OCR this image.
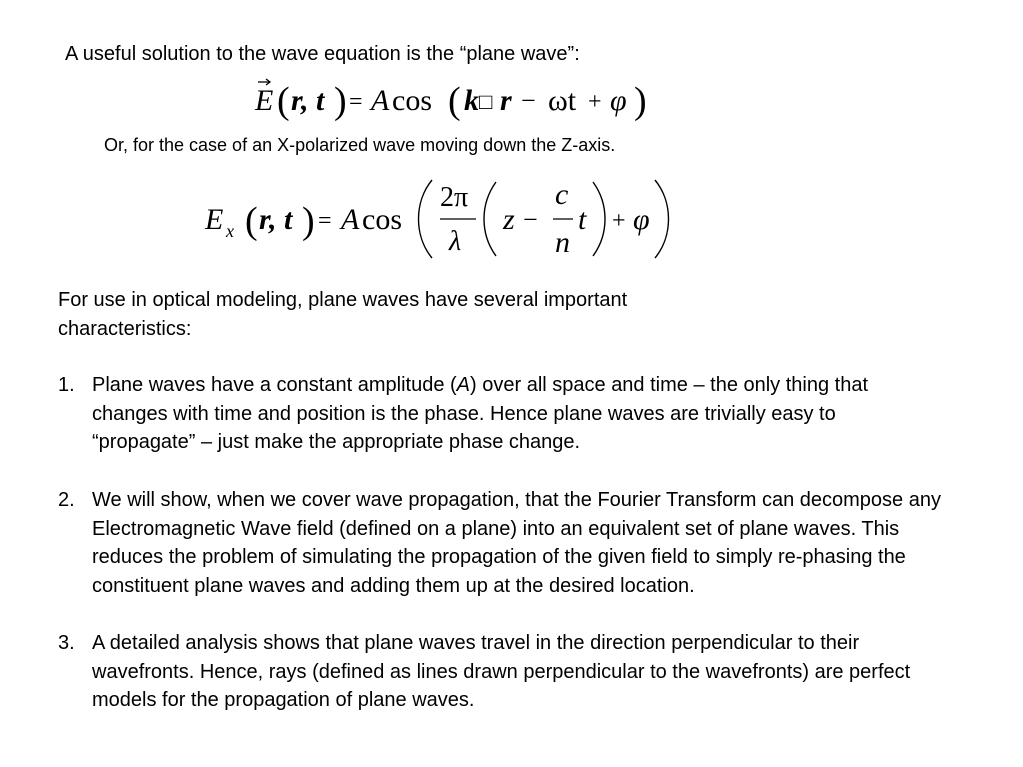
A useful solution to the wave equation is the “plane wave”:
E ( r, t ) = A cos ( k □ r − ωt + φ )
Or, for the case of an X-polarized wave moving down the Z-axis.
E x ( r, t ) = A cos
2π
λ
z −
c
n
t + φ
For use in optical modeling, plane waves have several important
characteristics:
1. Plane waves have a constant amplitude (A) over all space and time – the only thing that changes with time and position is the phase. Hence plane waves are trivially easy to “propagate” – just make the appropriate phase change.
2. We will show, when we cover wave propagation, that the Fourier Transform can decompose any Electromagnetic Wave field (defined on a plane) into an equivalent set of plane waves. This reduces the problem of simulating the propagation of the given field to simply re-phasing the constituent plane waves and adding them up at the desired location.
3. A detailed analysis shows that plane waves travel in the direction perpendicular to their wavefronts. Hence, rays (defined as lines drawn perpendicular to the wavefronts) are perfect models for the propagation of plane waves.
